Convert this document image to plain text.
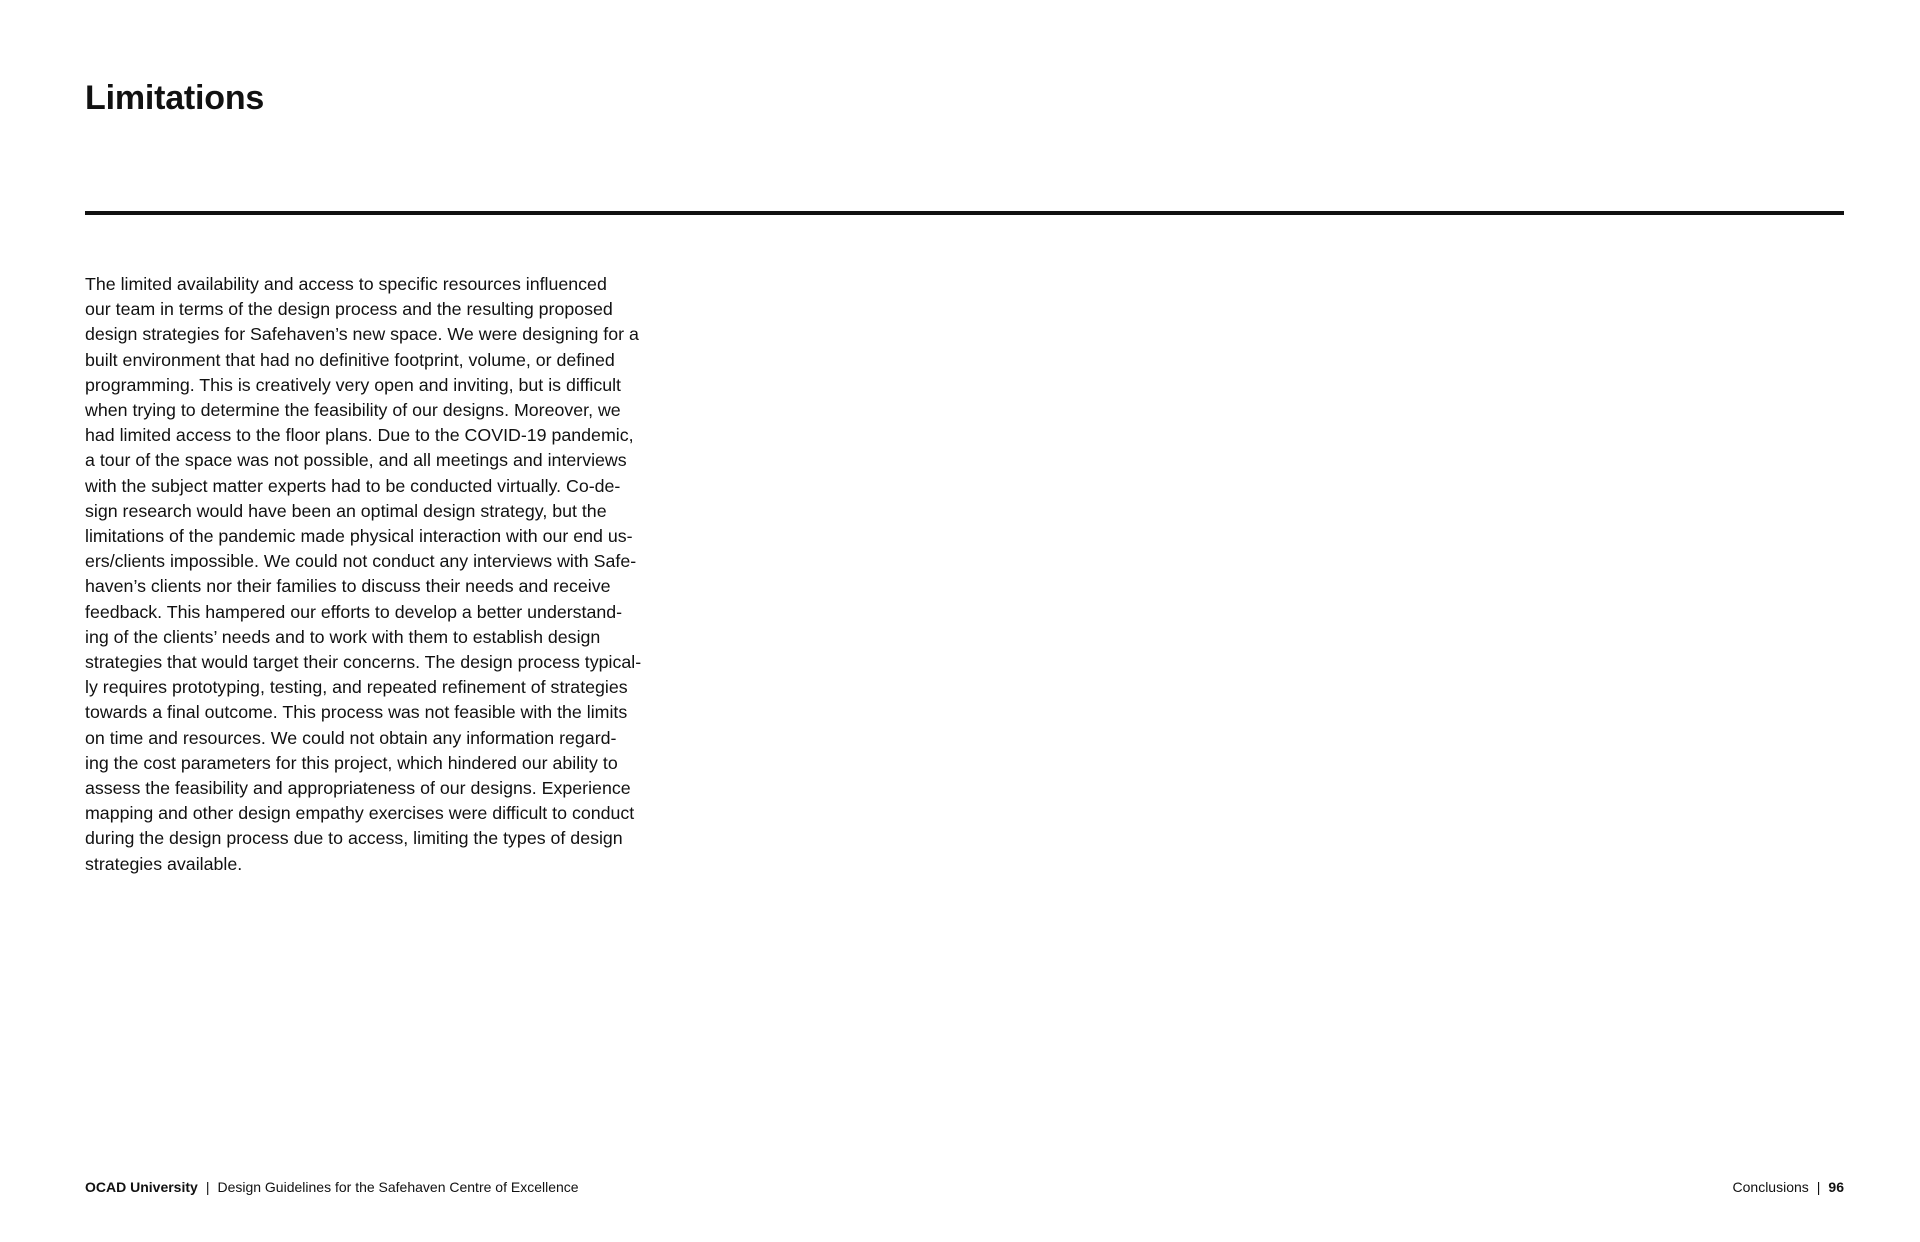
Limitations
The limited availability and access to specific resources influenced
our team in terms of the design process and the resulting proposed
design strategies for Safehaven’s new space. We were designing for a
built environment that had no definitive footprint, volume, or defined
programming. This is creatively very open and inviting, but is difficult
when trying to determine the feasibility of our designs. Moreover, we
had limited access to the floor plans. Due to the COVID-19 pandemic,
a tour of the space was not possible, and all meetings and interviews
with the subject matter experts had to be conducted virtually. Co-de-
sign research would have been an optimal design strategy, but the
limitations of the pandemic made physical interaction with our end us-
ers/clients impossible. We could not conduct any interviews with Safe-
haven’s clients nor their families to discuss their needs and receive
feedback. This hampered our efforts to develop a better understand-
ing of the clients’ needs and to work with them to establish design
strategies that would target their concerns. The design process typical-
ly requires prototyping, testing, and repeated refinement of strategies
towards a final outcome. This process was not feasible with the limits
on time and resources. We could not obtain any information regard-
ing the cost parameters for this project, which hindered our ability to
assess the feasibility and appropriateness of our designs. Experience
mapping and other design empathy exercises were difficult to conduct
during the design process due to access, limiting the types of design
strategies available.
OCAD University | Design Guidelines for the Safehaven Centre of Excellence	Conclusions | 96
